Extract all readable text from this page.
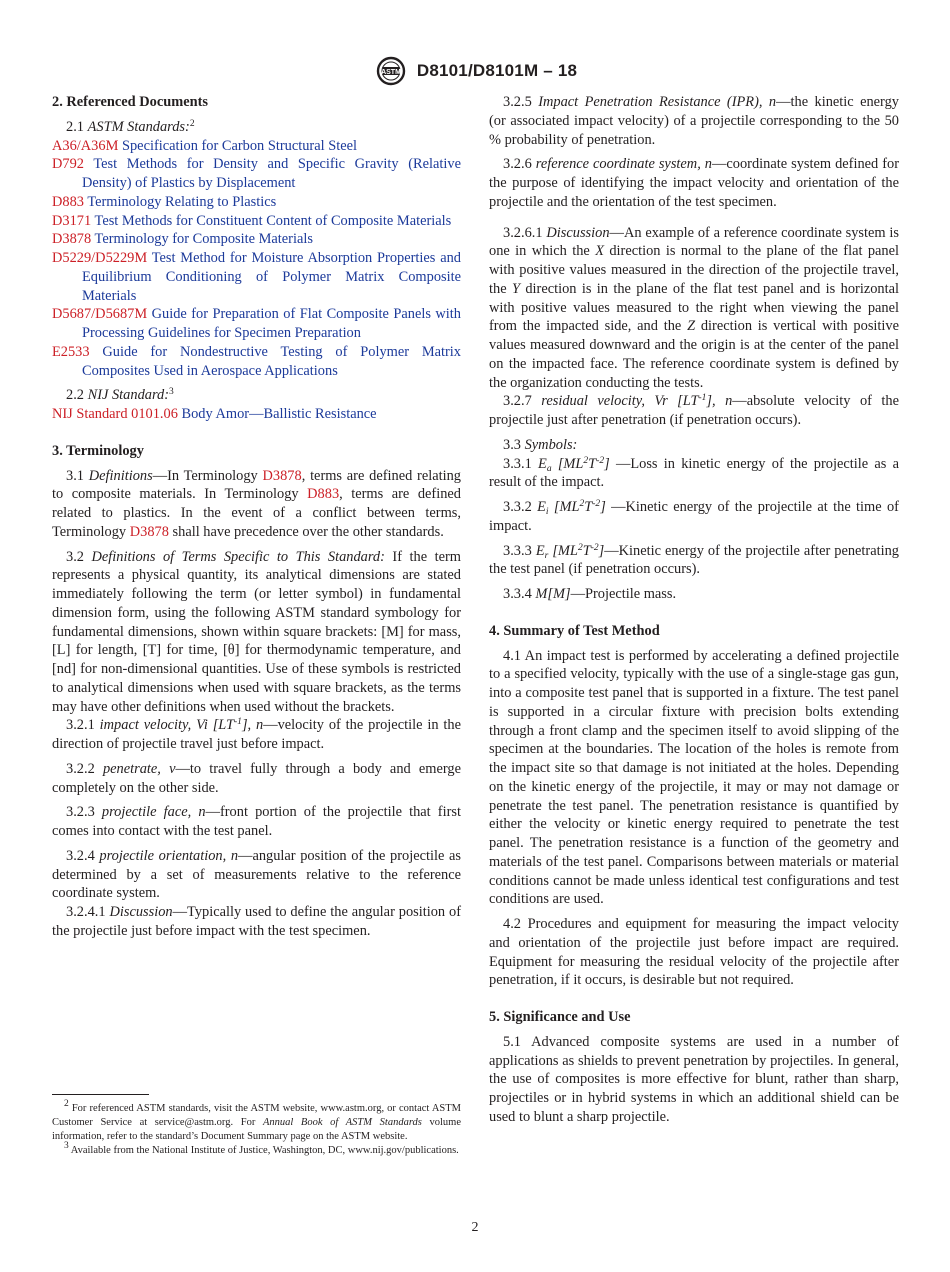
ASTM D8101/D8101M – 18

2. Referenced Documents

2.1 ASTM Standards:$^2$

A36/A36M Specification for Carbon Structural Steel

D792 Test Methods for Density and Specific Gravity (Relative Density) of Plastics by Displacement

D883 Terminology Relating to Plastics

D3171 Test Methods for Constituent Content of Composite Materials

D3878 Terminology for Composite Materials

D5229/D5229M Test Method for Moisture Absorption Properties and Equilibrium Conditioning of Polymer Matrix Composite Materials

D5687/D5687M Guide for Preparation of Flat Composite Panels with Processing Guidelines for Specimen Preparation

E2533 Guide for Nondestructive Testing of Polymer Matrix Composites Used in Aerospace Applications

2.2 NIJ Standard:$^3$

NIJ Standard 0101.06 Body Amor—Ballistic Resistance

3. Terminology

3.1 Definitions—In Terminology D3878, terms are defined relating to composite materials. In Terminology D883, terms are defined related to plastics. In the event of a conflict between terms, Terminology D3878 shall have precedence over the other standards.

3.2 Definitions of Terms Specific to This Standard: If the term represents a physical quantity, its analytical dimensions are stated immediately following the term (or letter symbol) in fundamental dimension form, using the following ASTM standard symbology for fundamental dimensions, shown within square brackets: [M] for mass, [L] for length, [T] for time, [θ] for thermodynamic temperature, and [nd] for non-dimensional quantities. Use of these symbols is restricted to analytical dimensions when used with square brackets, as the terms may have other definitions when used without the brackets.

3.2.1 impact velocity, Vi $[LT^{-1}]$, n—velocity of the projectile in the direction of projectile travel just before impact.

3.2.2 penetrate, v—to travel fully through a body and emerge completely on the other side.

3.2.3 projectile face, n—front portion of the projectile that first comes into contact with the test panel.

3.2.4 projectile orientation, n—angular position of the projectile as determined by a set of measurements relative to the reference coordinate system.

3.2.4.1 Discussion—Typically used to define the angular position of the projectile just before impact with the test specimen.

3.2.5 Impact Penetration Resistance (IPR), n—the kinetic energy (or associated impact velocity) of a projectile corresponding to the 50 % probability of penetration.

3.2.6 reference coordinate system, n—coordinate system defined for the purpose of identifying the impact velocity and orientation of the projectile and the orientation of the test specimen.

3.2.6.1 Discussion—An example of a reference coordinate system is one in which the X direction is normal to the plane of the flat panel with positive values measured in the direction of the projectile travel, the Y direction is in the plane of the flat test panel and is horizontal with positive values measured to the right when viewing the panel from the impacted side, and the Z direction is vertical with positive values measured downward and the origin is at the center of the panel on the impacted face. The reference coordinate system is defined by the organization conducting the tests.

3.2.7 residual velocity, Vr $[LT^{-1}]$, n—absolute velocity of the projectile just after penetration (if penetration occurs).

3.3 Symbols:

3.3.1 $E_a$ $[ML^2T^{-2}]$ —Loss in kinetic energy of the projectile as a result of the impact.

3.3.2 $E_i$ $[ML^2T^{-2}]$ —Kinetic energy of the projectile at the time of impact.

3.3.3 $E_r$ $[ML^2T^{-2}]—Kinetic$ energy of the projectile after penetrating the test panel (if penetration occurs).

3.3.4 M[M]—Projectile mass.

4. Summary of Test Method

4.1 An impact test is performed by accelerating a defined projectile to a specified velocity, typically with the use of a single-stage gas gun, into a composite test panel that is supported in a fixture. The test panel is supported in a circular fixture with precision bolts extending through a front clamp and the specimen itself to avoid slipping of the specimen at the boundaries. The location of the holes is remote from the impact site so that damage is not initiated at the holes. Depending on the kinetic energy of the projectile, it may or may not damage or penetrate the test panel. The penetration resistance is quantified by either the velocity or kinetic energy required to penetrate the test panel. The penetration resistance is a function of the geometry and materials of the test panel. Comparisons between materials or material conditions cannot be made unless identical test configurations and test conditions are used.

4.2 Procedures and equipment for measuring the impact velocity and orientation of the projectile just before impact are required. Equipment for measuring the residual velocity of the projectile after penetration, if it occurs, is desirable but not required.

5. Significance and Use

5.1 Advanced composite systems are used in a number of applications as shields to prevent penetration by projectiles. In general, the use of composites is more effective for blunt, rather than sharp, projectiles or in hybrid systems in which an additional shield can be used to blunt a sharp projectile.

$^2$ For referenced ASTM standards, visit the ASTM website, www.astm.org, or contact ASTM Customer Service at service@astm.org. For Annual Book of ASTM Standards volume information, refer to the standard’s Document Summary page on the ASTM website.

$^3$ Available from the National Institute of Justice, Washington, DC, www.nij.gov/publications.

2
